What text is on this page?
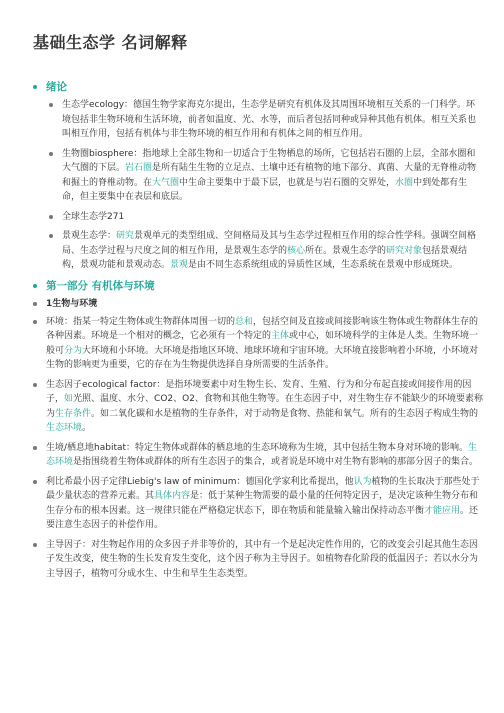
基础生态学 名词解释
绪论
生态学ecology：德国生物学家海克尔提出，生态学是研究有机体及其周围环境相互关系的一门科学。环境包括非生物环境和生活环境，前者如温度、光、水等，而后者包括同种或异种其他有机体。相互关系也叫相互作用，包括有机体与非生物环境的相互作用和有机体之间的相互作用。
生物圈biosphere：指地球上全部生物和一切适合于生物栖息的场所，它包括岩石圈的上层，全部水圈和大气圈的下层。岩石圈是所有陆生生物的立足点、土壤中还有植物的地下部分、真菌、大量的无脊椎动物和掘土的脊椎动物。在大气圈中生命主要集中于最下层，也就是与岩石圈的交界处，水圈中到处都有生命，但主要集中在表层和底层。
全球生态学271
景观生态学：研究景观单元的类型组成、空间格局及其与生态学过程相互作用的综合性学科。强调空间格局、生态学过程与尺度之间的相互作用，是景观生态学的核心所在。景观生态学的研究对象包括景观结构，景观功能和景观动态。景观是由不同生态系统组成的异质性区域，生态系统在景观中形成斑块。
第一部分 有机体与环境
1生物与环境
环境：指某一特定生物体或生物群体周围一切的总和，包括空间及直接或间接影响该生物体或生物群体生存的各种因素。环境是一个相对的概念，它必须有一个特定的主体或中心，如环境科学的主体是人类。生物环境一般可分为大环境和小环境。大环境是指地区环境、地球环境和宇宙环境。大环境直接影响着小环境，小环境对生物的影响更为重要，它的存在为生物提供选择自身所需要的生活条件。
生态因子ecological factor：是指环境要素中对生物生长、发育、生殖、行为和分布起直接或间接作用的因子，如光照、温度、水分、CO2、O2、食物和其他生物等。在生态因子中，对生物生存不能缺少的环境要素称为生存条件。如二氧化碳和水是植物的生存条件，对于动物是食物、热能和氧气。所有的生态因子构成生物的生态环境。
生境/栖息地habitat：特定生物体或群体的栖息地的生态环境称为生境，其中包括生物本身对环境的影响。生态环境是指围绕着生物体或群体的所有生态因子的集合，或者说是环境中对生物有影响的那部分因子的集合。
利比希最小因子定律Liebig's law of minimum：德国化学家利比希提出，他认为植物的生长取决于那些处于最少量状态的营养元素。其具体内容是：低于某种生物需要的最小量的任何特定因子，是决定该种生物分布和生存分布的根本因素。这一规律只能在严格稳定状态下，即在物质和能量输入输出保持动态平衡才能应用。还要注意生态因子的补偿作用。
主导因子：对生物起作用的众多因子并非等价的，其中有一个是起决定性作用的，它的改变会引起其他生态因子发生改变，使生物的生长发育发生变化，这个因子称为主导因子。如植物春化阶段的低温因子；若以水分为主导因子，植物可分成水生、中生和旱生生态类型。
